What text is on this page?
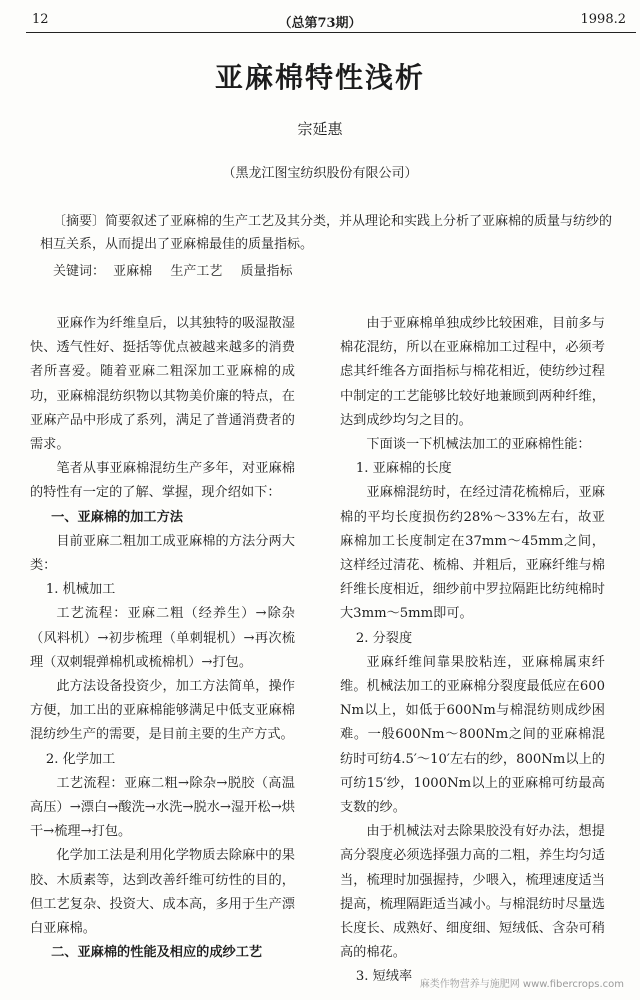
12	（总第73期）	1998.2
亚麻棉特性浅析
宗延惠
（黑龙江图宝纺织股份有限公司）

〔摘要〕简要叙述了亚麻棉的生产工艺及其分类，并从理论和实践上分析了亚麻棉的质量与纺纱的相互关系，从而提出了亚麻棉最佳的质量指标。

关键词： 亚麻棉 生产工艺 质量指标

亚麻作为纤维皇后，以其独特的吸湿散湿快、透气性好、挺括等优点被越来越多的消费者所喜爱。随着亚麻二粗深加工亚麻棉的成功，亚麻棉混纺织物以其物美价廉的特点，在亚麻产品中形成了系列，满足了普通消费者的需求。

笔者从事亚麻棉混纺生产多年，对亚麻棉的特性有一定的了解、掌握，现介绍如下：

一、亚麻棉的加工方法

目前亚麻二粗加工成亚麻棉的方法分两大类：

1. 机械加工

工艺流程：亚麻二粗（经养生）→除杂（风料机）→初步梳理（单刺辊机）→再次梳理（双刺辊弹棉机或梳棉机）→打包。

此方法设备投资少，加工方法简单，操作方便，加工出的亚麻棉能够满足中低支亚麻棉混纺纱生产的需要，是目前主要的生产方式。

2. 化学加工

工艺流程：亚麻二粗→除杂→脱胶（高温高压）→漂白→酸洗→水洗→脱水→湿开松→烘干→梳理→打包。

化学加工法是利用化学物质去除麻中的果胶、木质素等，达到改善纤维可纺性的目的，但工艺复杂、投资大、成本高，多用于生产漂白亚麻棉。

二、亚麻棉的性能及相应的成纱工艺

由于亚麻棉单独成纱比较困难，目前多与棉花混纺，所以在亚麻棉加工过程中，必须考虑其纤维各方面指标与棉花相近，使纺纱过程中制定的工艺能够比较好地兼顾到两种纤维，达到成纱均匀之目的。

下面谈一下机械法加工的亚麻棉性能：

1. 亚麻棉的长度

亚麻棉混纺时，在经过清花梳棉后，亚麻棉的平均长度损伤约28%～33%左右，故亚麻棉加工长度制定在37mm～45mm之间，这样经过清花、梳棉、并粗后，亚麻纤维与棉纤维长度相近，细纱前中罗拉隔距比纺纯棉时大3mm～5mm即可。

2. 分裂度

亚麻纤维间靠果胶粘连，亚麻棉属束纤维。机械法加工的亚麻棉分裂度最低应在600Nm以上，如低于600Nm与棉混纺则成纱困难。一般600Nm～800Nm之间的亚麻棉混纺时可纺4.5′～10′左右的纱，800Nm以上的可纺15′纱，1000Nm以上的亚麻棉可纺最高支数的纱。

由于机械法对去除果胶没有好办法，想提高分裂度必须选择强力高的二粗，养生均匀适当，梳理时加强握持，少喂入，梳理速度适当提高，梳理隔距适当减小。与棉混纺时尽量选长度长、成熟好、细度细、短绒低、含杂可稍高的棉花。

3. 短绒率

麻类作物营养与施肥网 www.fibercrops.com
